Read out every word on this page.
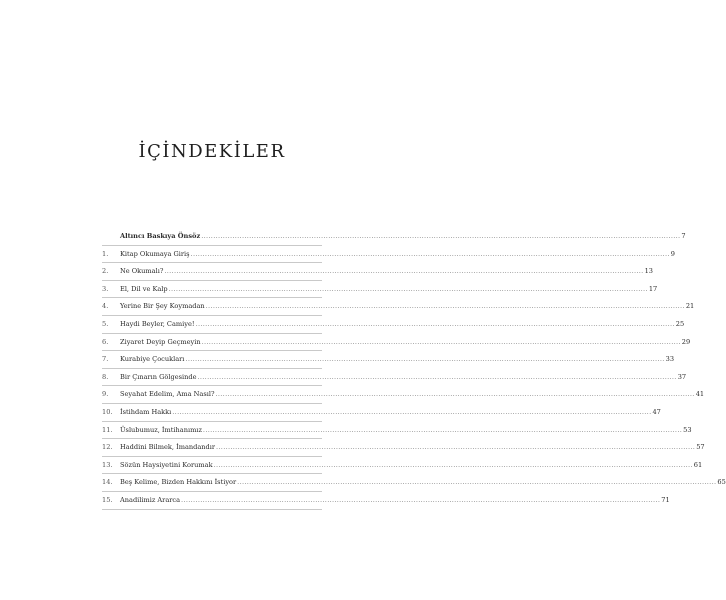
İÇİNDEKİLER
Altıncı Baskıya Önsöz ........................................................................................................................................................................................................ 7
1.	Kitap Okumaya Giriş ........................................................................................................................................................................................................ 9
2.	Ne Okumalı? ........................................................................................................................................................................................................ 13
3.	El, Dil ve Kalp ........................................................................................................................................................................................................ 17
4.	Yerine Bir Şey Koymadan ........................................................................................................................................................................................................ 21
5.	Haydi Beyler, Camiye! ........................................................................................................................................................................................................ 25
6.	Ziyaret Deyip Geçmeyin ........................................................................................................................................................................................................ 29
7.	Kurabiye Çocukları ........................................................................................................................................................................................................ 33
8.	Bir Çınarın Gölgesinde ........................................................................................................................................................................................................ 37
9.	Seyahat Edelim, Ama Nasıl? ........................................................................................................................................................................................................ 41
10.	İstihdam Hakkı ........................................................................................................................................................................................................ 47
11.	Üslubumuz, İmtihanımız ........................................................................................................................................................................................................ 53
12.	Haddini Bilmek, İmandandır ........................................................................................................................................................................................................ 57
13.	Sözün Haysiyetini Korumak ........................................................................................................................................................................................................ 61
14.	Beş Kelime, Bizden Hakkını İstiyor ........................................................................................................................................................................................................ 65
15.	Anadilimiz Ararca ........................................................................................................................................................................................................ 71
